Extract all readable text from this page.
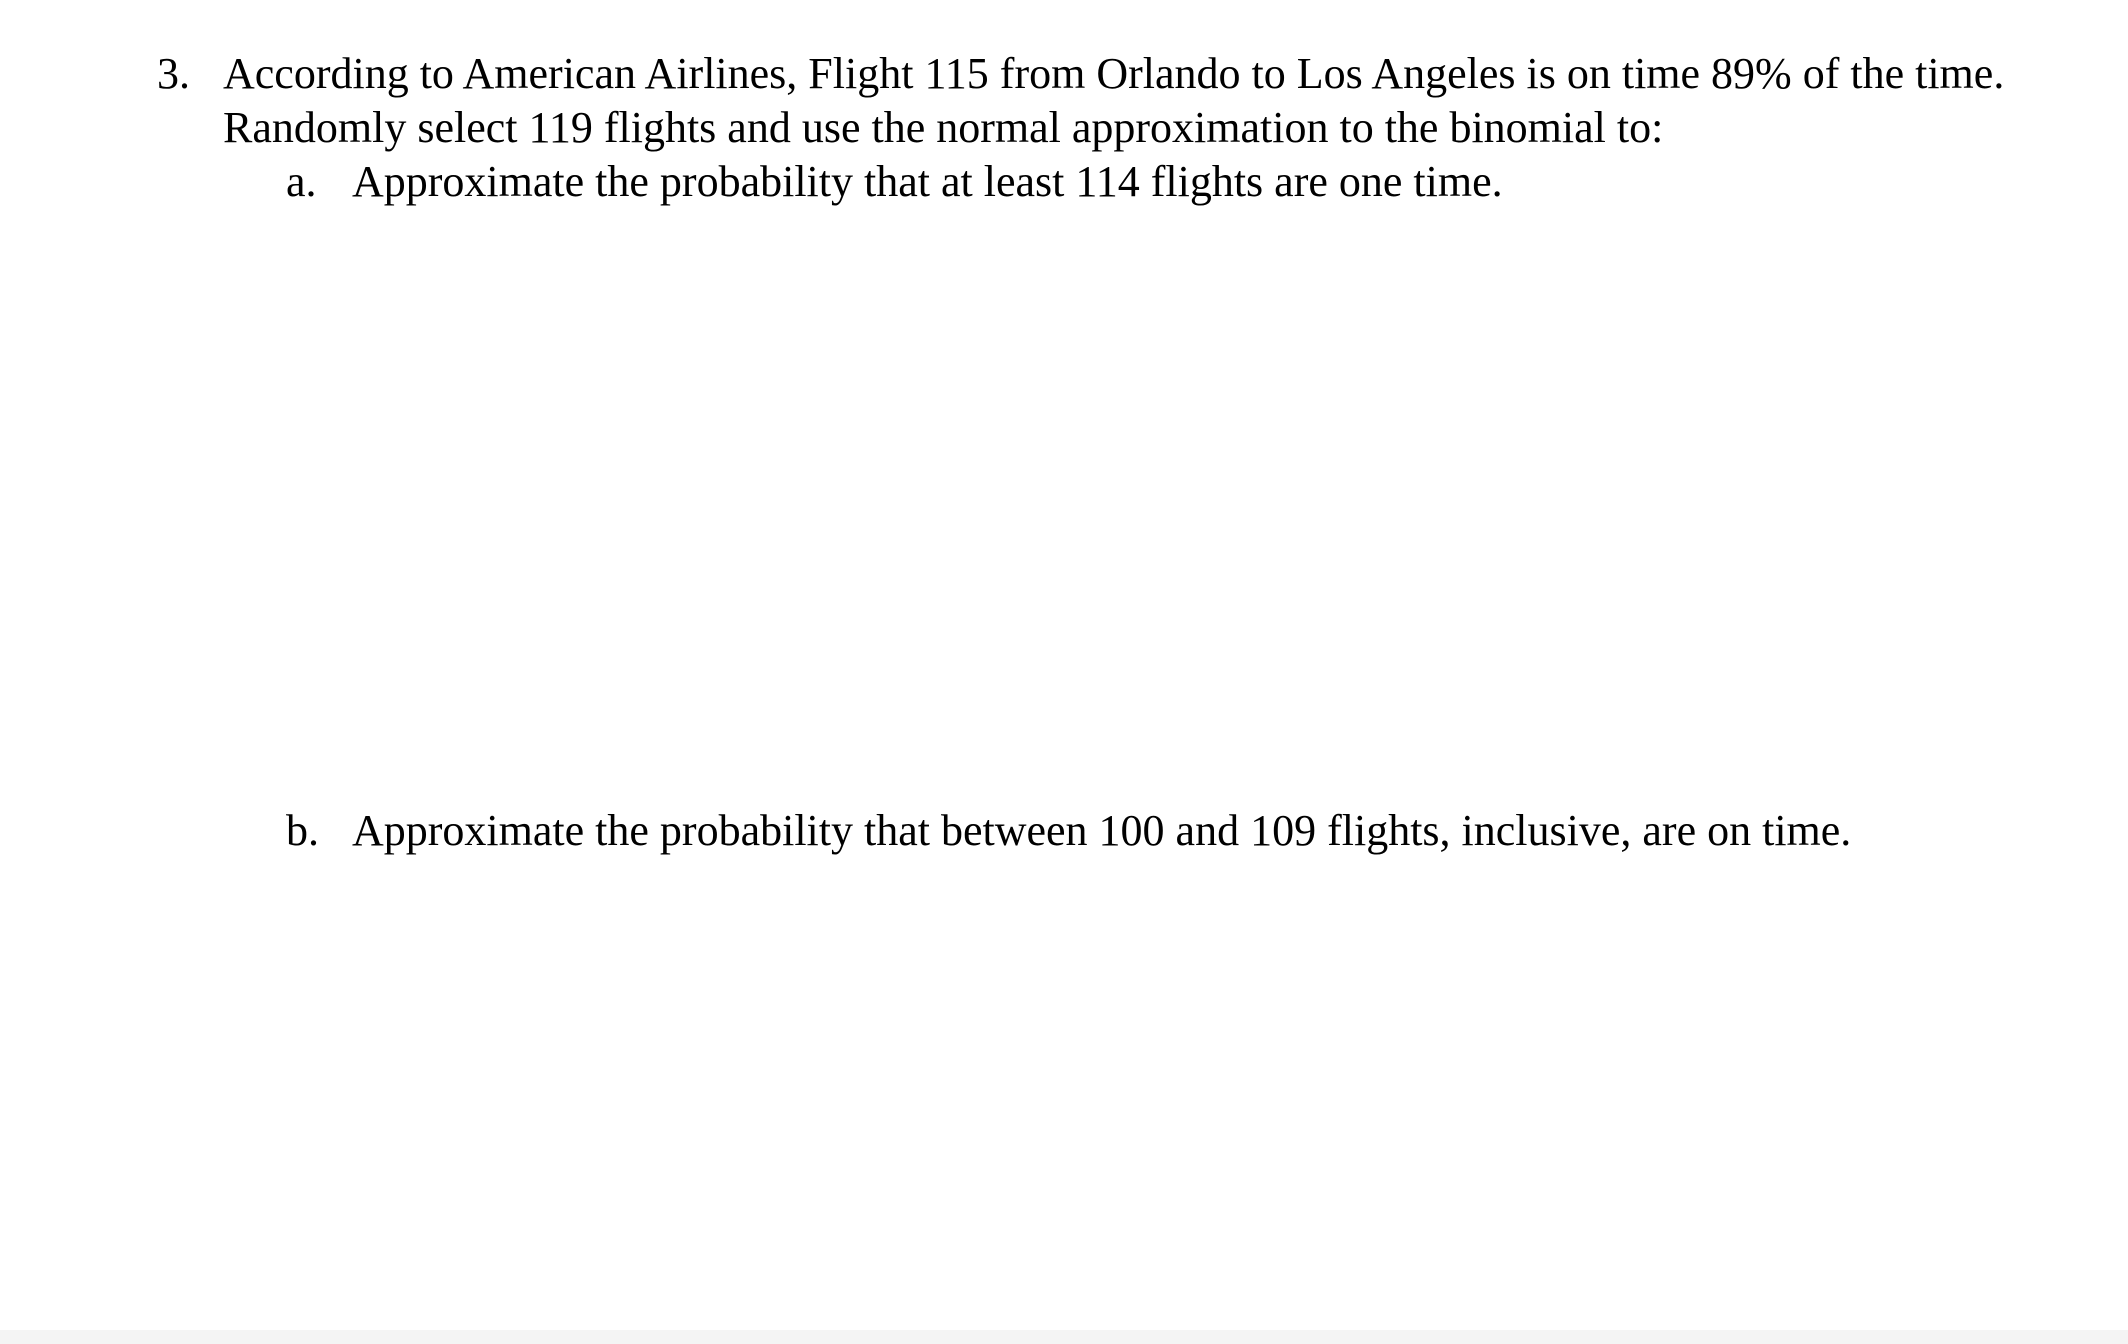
3. According to American Airlines, Flight 115 from Orlando to Los Angeles is on time 89% of the time.
Randomly select 119 flights and use the normal approximation to the binomial to:
a. Approximate the probability that at least 114 flights are one time.
b. Approximate the probability that between 100 and 109 flights, inclusive, are on time.
